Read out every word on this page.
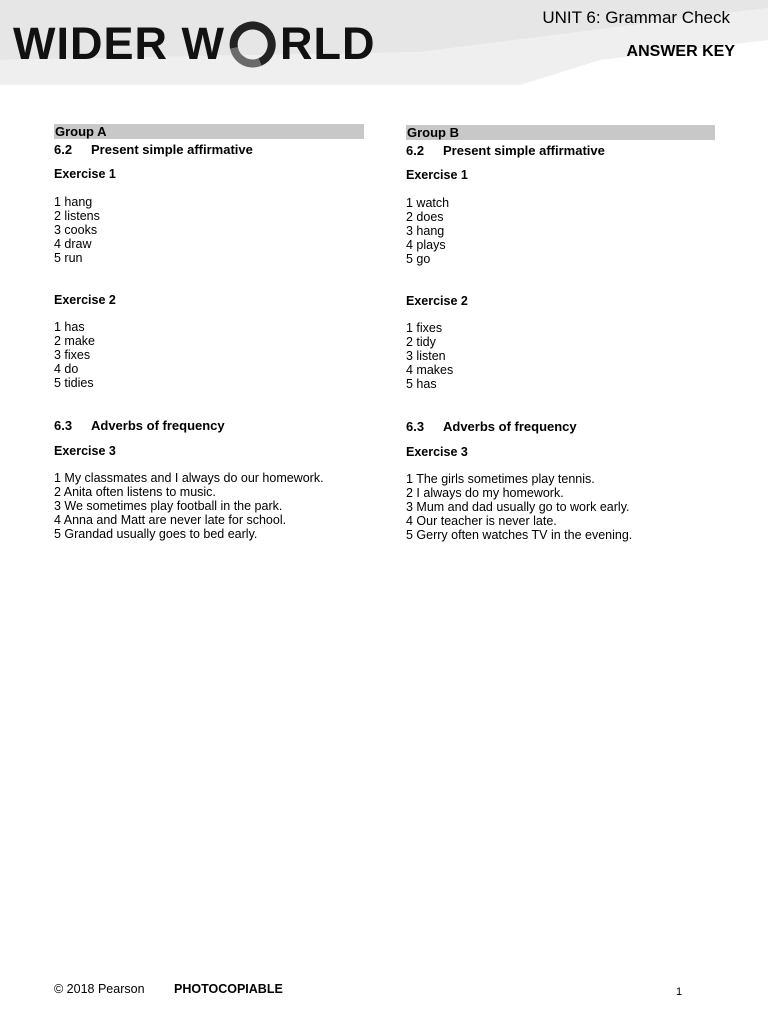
RLD
WIDER W
UNIT 6: Grammar Check
ANSWER KEY
Group A
6.2 Present simple affirmative
Exercise 1
1 hang
2 listens
3 cooks
4 draw
5 run
Exercise 2
1 has
2 make
3 fixes
4 do
5 tidies
6.3 Adverbs of frequency
Exercise 3
1 My classmates and I always do our homework.
2 Anita often listens to music.
3 We sometimes play football in the park.
4 Anna and Matt are never late for school.
5 Grandad usually goes to bed early.
Group B
6.2 Present simple affirmative
Exercise 1
1 watch
2 does
3 hang
4 plays
5 go
Exercise 2
1 fixes
2 tidy
3 listen
4 makes
5 has
6.3 Adverbs of frequency
Exercise 3
1 The girls sometimes play tennis.
2 I always do my homework.
3 Mum and dad usually go to work early.
4 Our teacher is never late.
5 Gerry often watches TV in the evening.
© 2018 Pearson PHOTOCOPIABLE	1
